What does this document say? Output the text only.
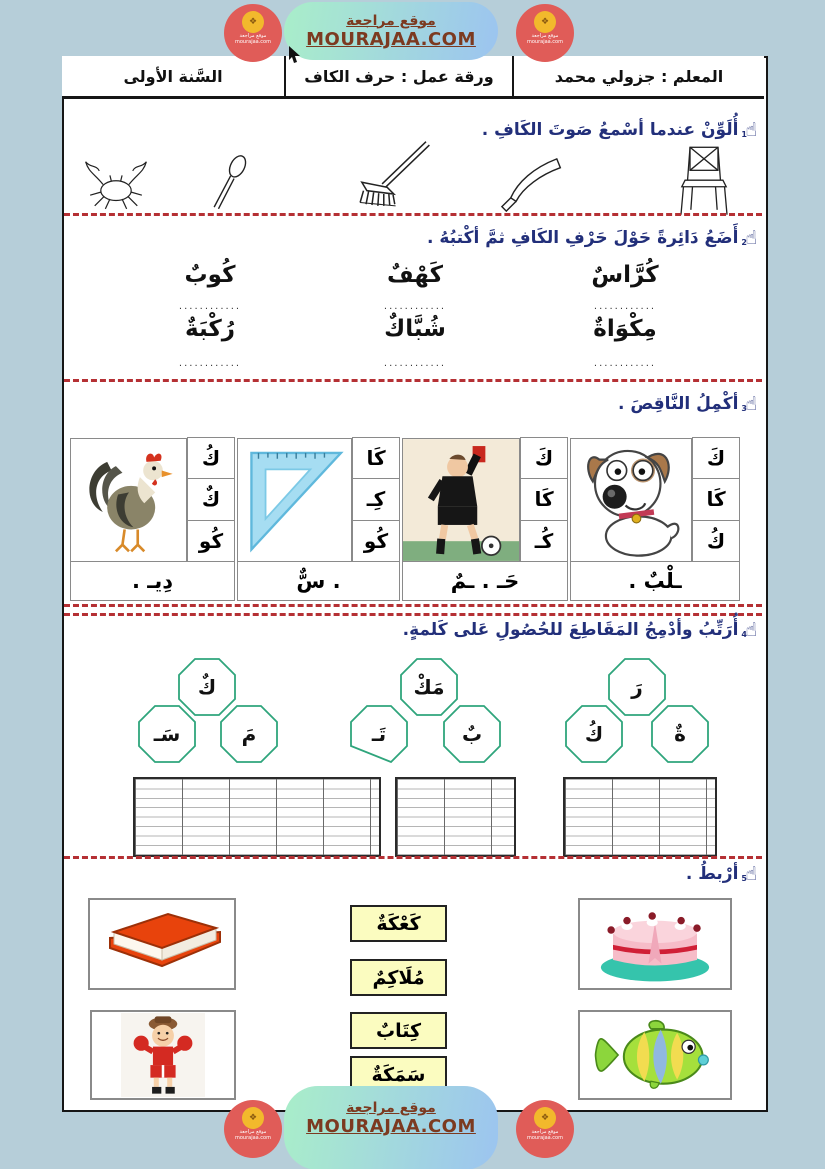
موقع مراجعة
MOURAJAA.COM
❖
موقع مراجعة
mourajaa.com
❖
موقع مراجعة
mourajaa.com
المعلم : جزولي محمد
ورقة عمل : حرف الكاف
السَّنة الأولى
☝
1
أُلَوِّنْ عندما أسْمعُ صَوتَ الكَافِ .
☝
2
أَضَعُ دَائِرةً حَوْلَ حَرْفِ الكَافِ ثمَّ أكْتبُهُ .
كُرَّاسٌ
كَهْفٌ
كُوبٌ
............
............
............
مِكْوَاةٌ
شُبَّاكٌ
رُكْبَةٌ
............
............
............
☝
3
أكْمِلُ النَّاقِصَ .
كُ
كٌ
كُو
دِيـ .
كَا
كِـ
كُو
. سٌّ
كَ
كَا
كُـ
حَـ . ـمٌ
كَ
كَا
كُ
ـلْبٌ .
☝
4
أُرَتِّبُ وأدْمِجُ المَقَاطِعَ للحُصُولِ عَلى كَلمةٍ.
كٌ
سَـ	مَ
مَكْ
تَـ	بٌ
رَ
كُ	ةٌ
☝
5
أرْبطُ .
كَعْكَةٌ
مُلَاكِمٌ
كِتَابٌ
سَمَكَةٌ
موقع مراجعة
MOURAJAA.COM
❖
موقع مراجعة
mourajaa.com
❖
موقع مراجعة
mourajaa.com
